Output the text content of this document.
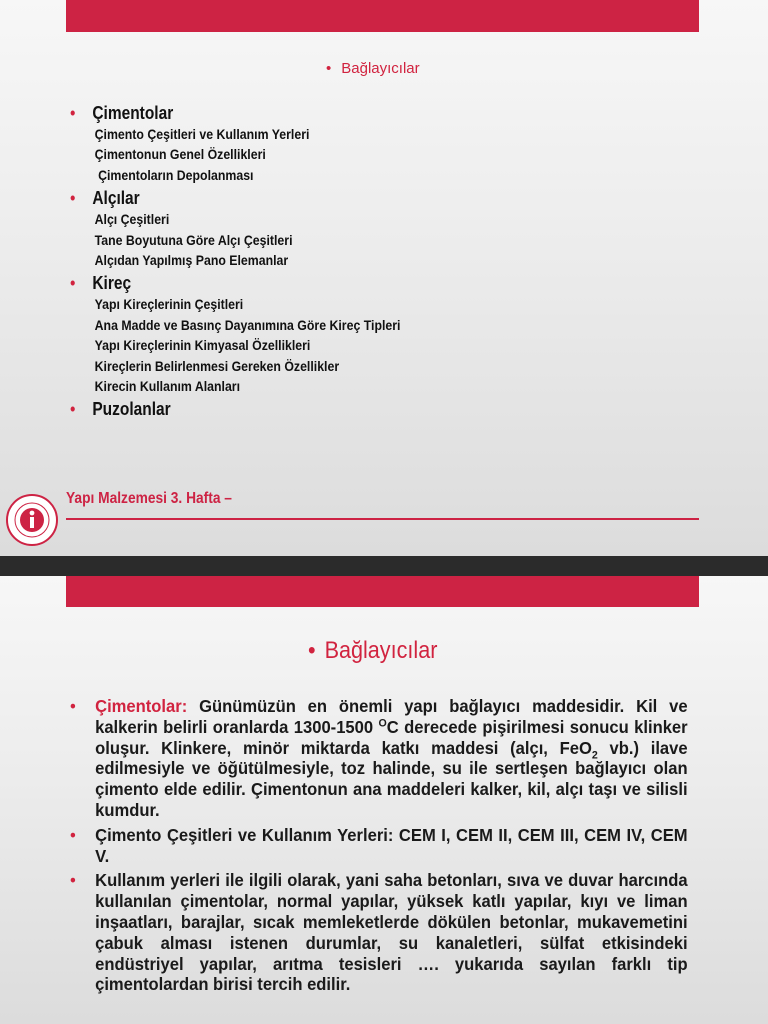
• Bağlayıcılar
• Çimentolar
Çimento Çeşitleri ve Kullanım Yerleri
Çimentonun Genel Özellikleri
Çimentoların Depolanması
• Alçılar
Alçı Çeşitleri
Tane Boyutuna Göre Alçı Çeşitleri
Alçıdan Yapılmış Pano Elemanlar
• Kireç
Yapı Kireçlerinin Çeşitleri
Ana Madde ve Basınç Dayanımına Göre Kireç Tipleri
Yapı Kireçlerinin Kimyasal Özellikleri
Kireçlerin Belirlenmesi Gereken Özellikler
Kirecin Kullanım Alanları
• Puzolanlar
Yapı Malzemesi 3. Hafta –
• Bağlayıcılar
• Çimentolar: Günümüzün en önemli yapı bağlayıcı maddesidir. Kil ve kalkerin belirli oranlarda 1300-1500 $^O$C derecede pişirilmesi sonucu klinker oluşur. Klinkere, minör miktarda katkı maddesi (alçı, FeO$_2$ vb.) ilave edilmesiyle ve öğütülmesiyle, toz halinde, su ile sertleşen bağlayıcı olan çimento elde edilir. Çimentonun ana maddeleri kalker, kil, alçı taşı ve silisli kumdur.
• Çimento Çeşitleri ve Kullanım Yerleri: CEM I, CEM II, CEM III, CEM IV, CEM V.
• Kullanım yerleri ile ilgili olarak, yani saha betonları, sıva ve duvar harcında kullanılan çimentolar, normal yapılar, yüksek katlı yapılar, kıyı ve liman inşaatları, barajlar, sıcak memleketlerde dökülen betonlar, mukavemetini çabuk alması istenen durumlar, su kanaletleri, sülfat etkisindeki endüstriyel yapılar, arıtma tesisleri …. yukarıda sayılan farklı tip çimentolardan birisi tercih edilir.
